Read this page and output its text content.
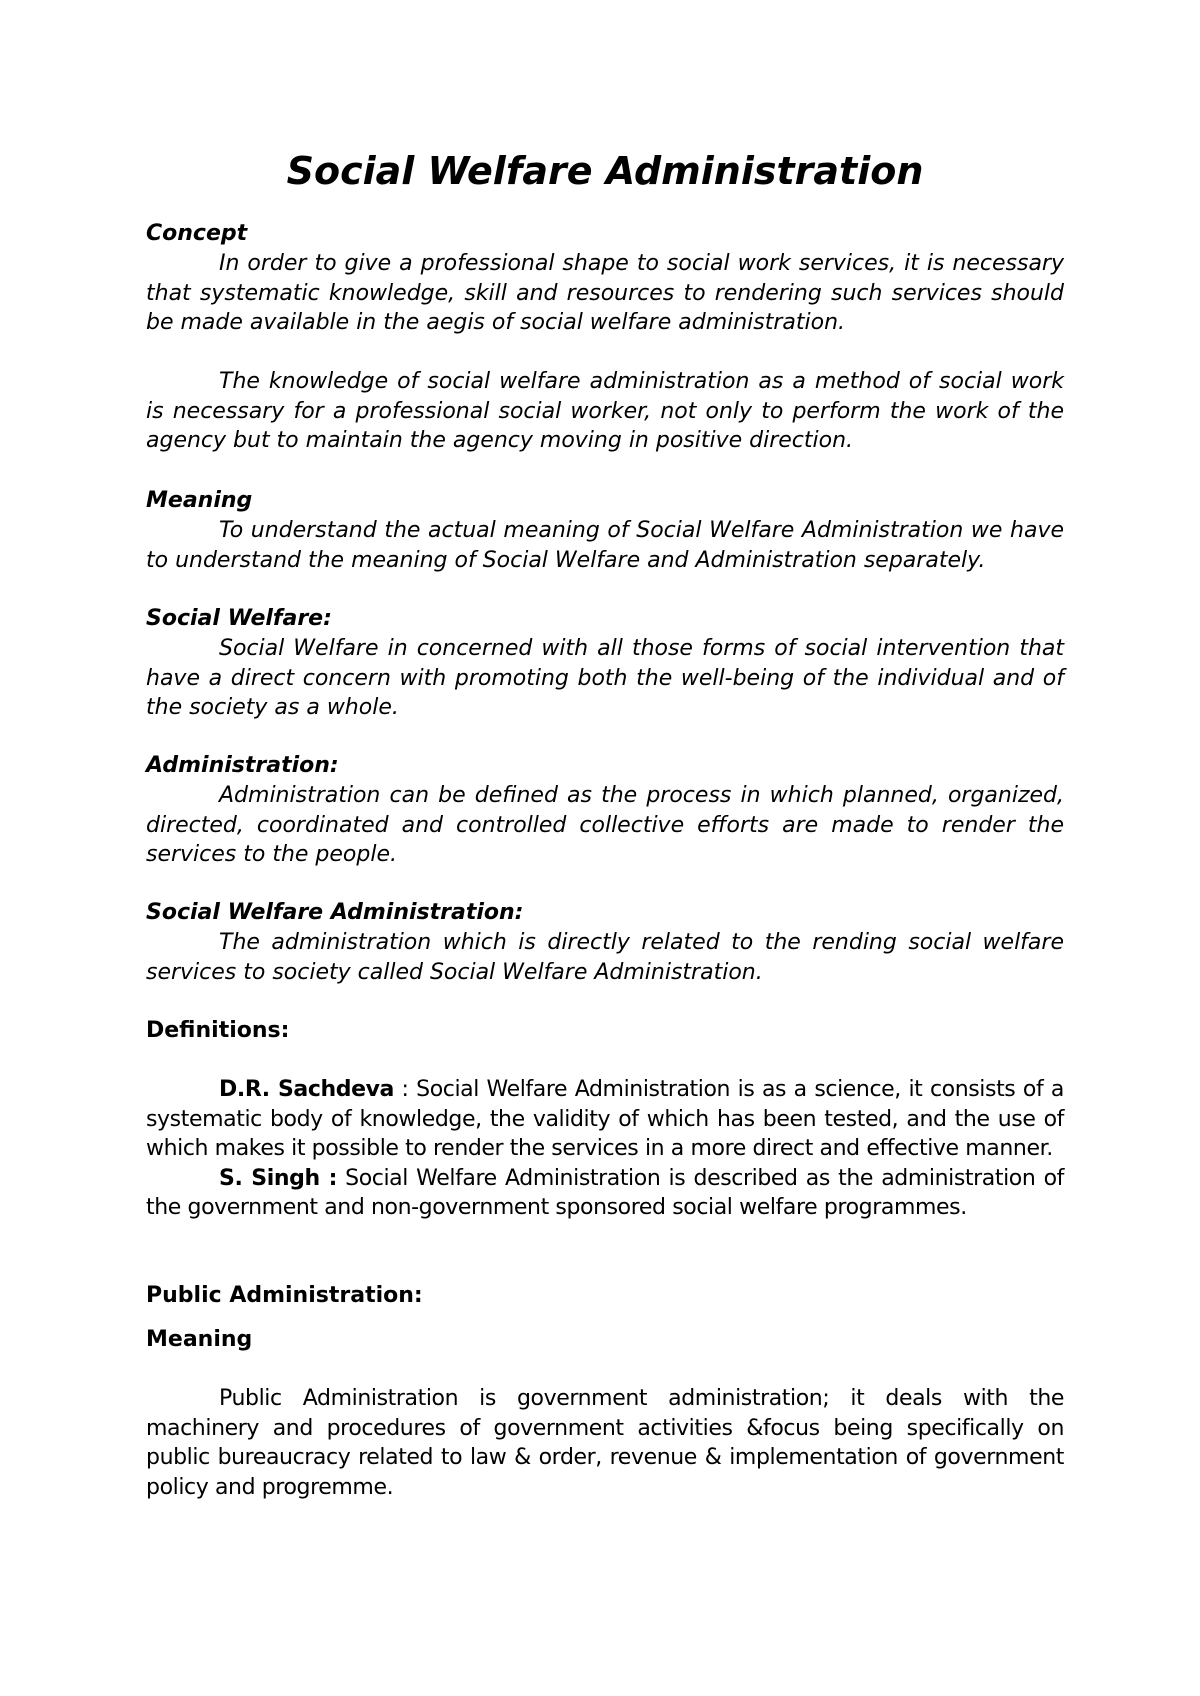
Social Welfare Administration

Concept

In order to give a professional shape to social work services, it is necessary that systematic knowledge, skill and resources to rendering such services should be made available in the aegis of social welfare administration.

The knowledge of social welfare administration as a method of social work is necessary for a professional social worker, not only to perform the work of the agency but to maintain the agency moving in positive direction.

Meaning

To understand the actual meaning of Social Welfare Administration we have to understand the meaning of Social Welfare and Administration separately.

Social Welfare:

Social Welfare in concerned with all those forms of social intervention that have a direct concern with promoting both the well-being of the individual and of the society as a whole.

Administration:

Administration can be defined as the process in which planned, organized, directed, coordinated and controlled collective efforts are made to render the services to the people.

Social Welfare Administration:

The administration which is directly related to the rending social welfare services to society called Social Welfare Administration.

Definitions:

D.R. Sachdeva : Social Welfare Administration is as a science, it consists of a systematic body of knowledge, the validity of which has been tested, and the use of which makes it possible to render the services in a more direct and effective manner.

S. Singh : Social Welfare Administration is described as the administration of the government and non-government sponsored social welfare programmes.

Public Administration:

Meaning

Public Administration is government administration; it deals with the machinery and procedures of government activities &focus being specifically on public bureaucracy related to law & order, revenue & implementation of government policy and progremme.
